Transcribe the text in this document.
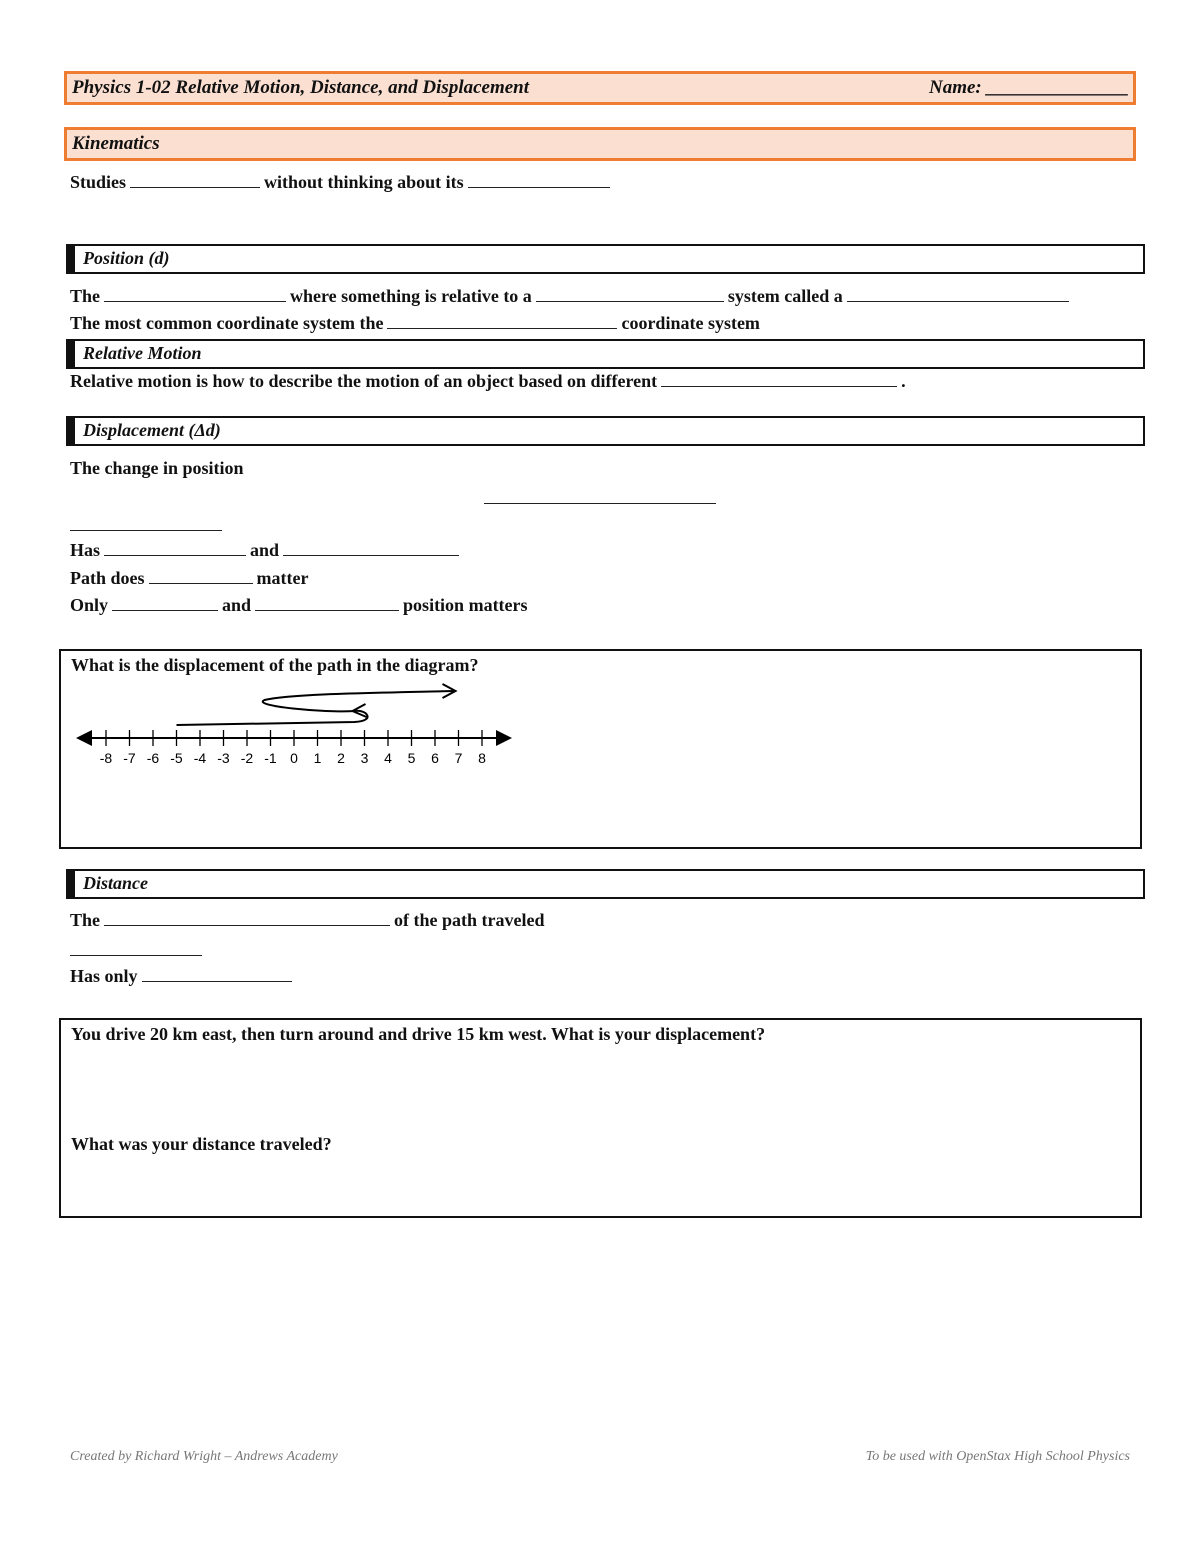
Physics 1-02 Relative Motion, Distance, and Displacement	Name: _______________
Kinematics
Studies	without thinking about its
Position (d)
The	where something is relative to a	system called a
The most common coordinate system the	coordinate system
Relative Motion
Relative motion is how to describe the motion of an object based on different	.
Displacement (Δd)
The change in position
Has	and
Path does	matter
Only	and	position matters
What is the displacement of the path in the diagram?
-8 -7 -6 -5 -4 -3 -2 -1 0 1 2 3 4 5 6 7 8
Distance
The	of the path traveled
Has only
You drive 20 km east, then turn around and drive 15 km west. What is your displacement?
What was your distance traveled?
Created by Richard Wright – Andrews Academy	To be used with OpenStax High School Physics
